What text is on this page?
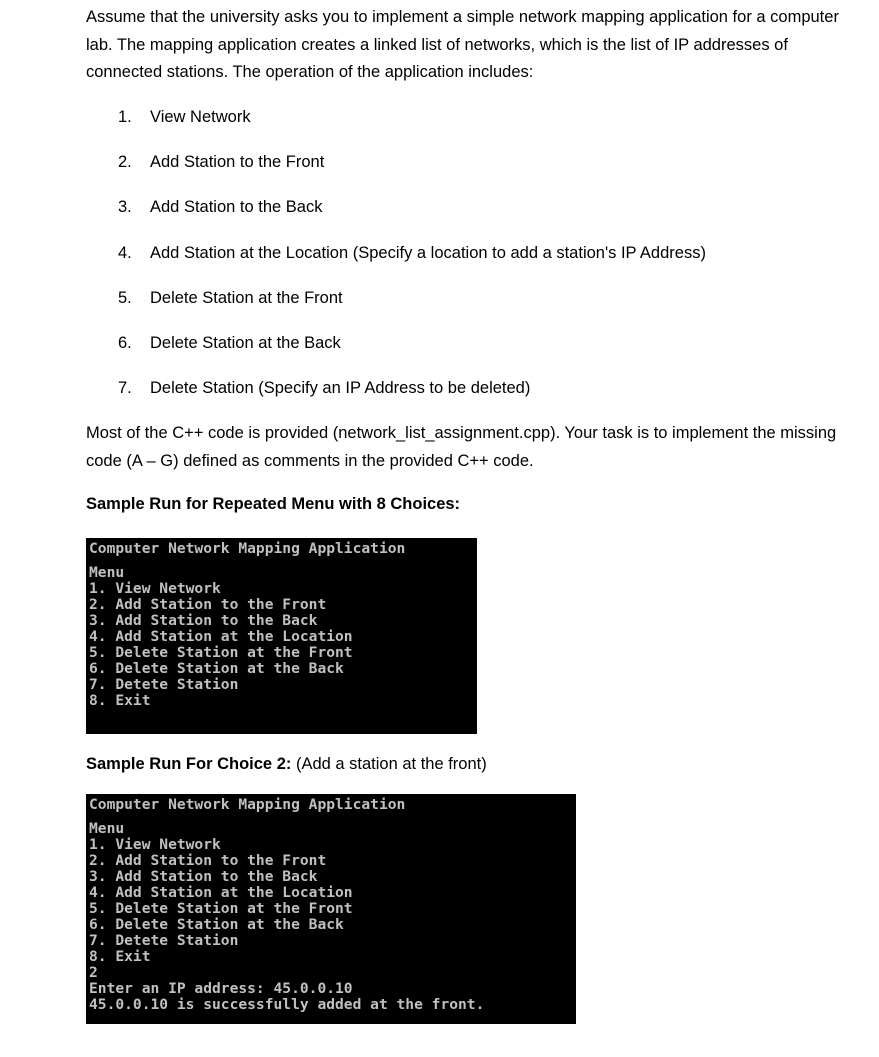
Assume that the university asks you to implement a simple network mapping application for a computer lab. The mapping application creates a linked list of networks, which is the list of IP addresses of connected stations. The operation of the application includes:

1.	View Network
2.	Add Station to the Front
3.	Add Station to the Back
4.	Add Station at the Location (Specify a location to add a station's IP Address)
5.	Delete Station at the Front
6.	Delete Station at the Back
7.	Delete Station (Specify an IP Address to be deleted)

Most of the C++ code is provided (network_list_assignment.cpp). Your task is to implement the missing code (A – G) defined as comments in the provided C++ code.

Sample Run for Repeated Menu with 8 Choices:

Computer Network Mapping Application
Menu
1. View Network
2. Add Station to the Front
3. Add Station to the Back
4. Add Station at the Location
5. Delete Station at the Front
6. Delete Station at the Back
7. Detete Station
8. Exit

Sample Run For Choice 2: (Add a station at the front)

Computer Network Mapping Application
Menu
1. View Network
2. Add Station to the Front
3. Add Station to the Back
4. Add Station at the Location
5. Delete Station at the Front
6. Delete Station at the Back
7. Detete Station
8. Exit
2
Enter an IP address: 45.0.0.10
45.0.0.10 is successfully added at the front.
